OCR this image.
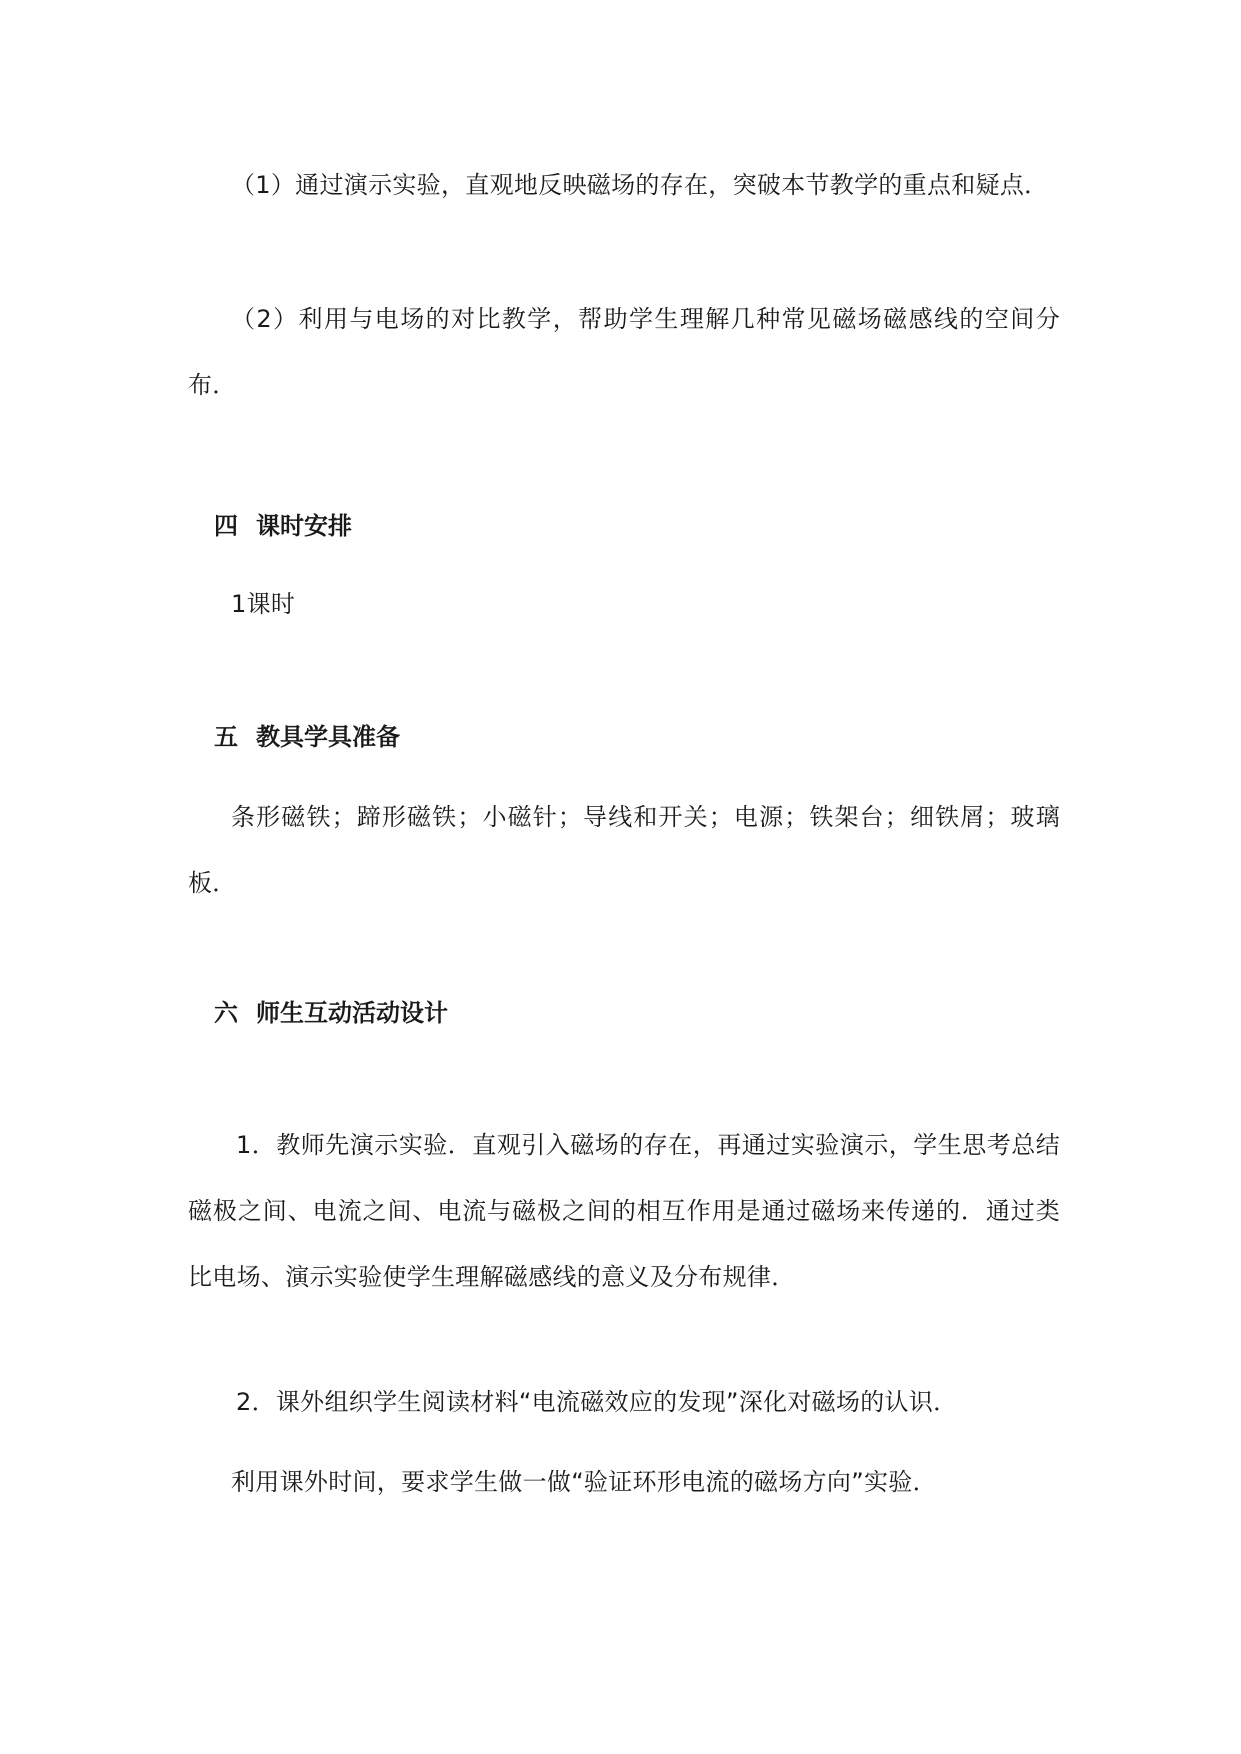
（1）通过演示实验，直观地反映磁场的存在，突破本节教学的重点和疑点．

（2）利用与电场的对比教学，帮助学生理解几种常见磁场磁感线的空间分布．

四 课时安排

1课时

五 教具学具准备

条形磁铁；蹄形磁铁；小磁针；导线和开关；电源；铁架台；细铁屑；玻璃板．

六 师生互动活动设计

1．教师先演示实验．直观引入磁场的存在，再通过实验演示，学生思考总结磁极之间、电流之间、电流与磁极之间的相互作用是通过磁场来传递的．通过类比电场、演示实验使学生理解磁感线的意义及分布规律．

2．课外组织学生阅读材料“电流磁效应的发现”深化对磁场的认识．

利用课外时间，要求学生做一做“验证环形电流的磁场方向”实验．
